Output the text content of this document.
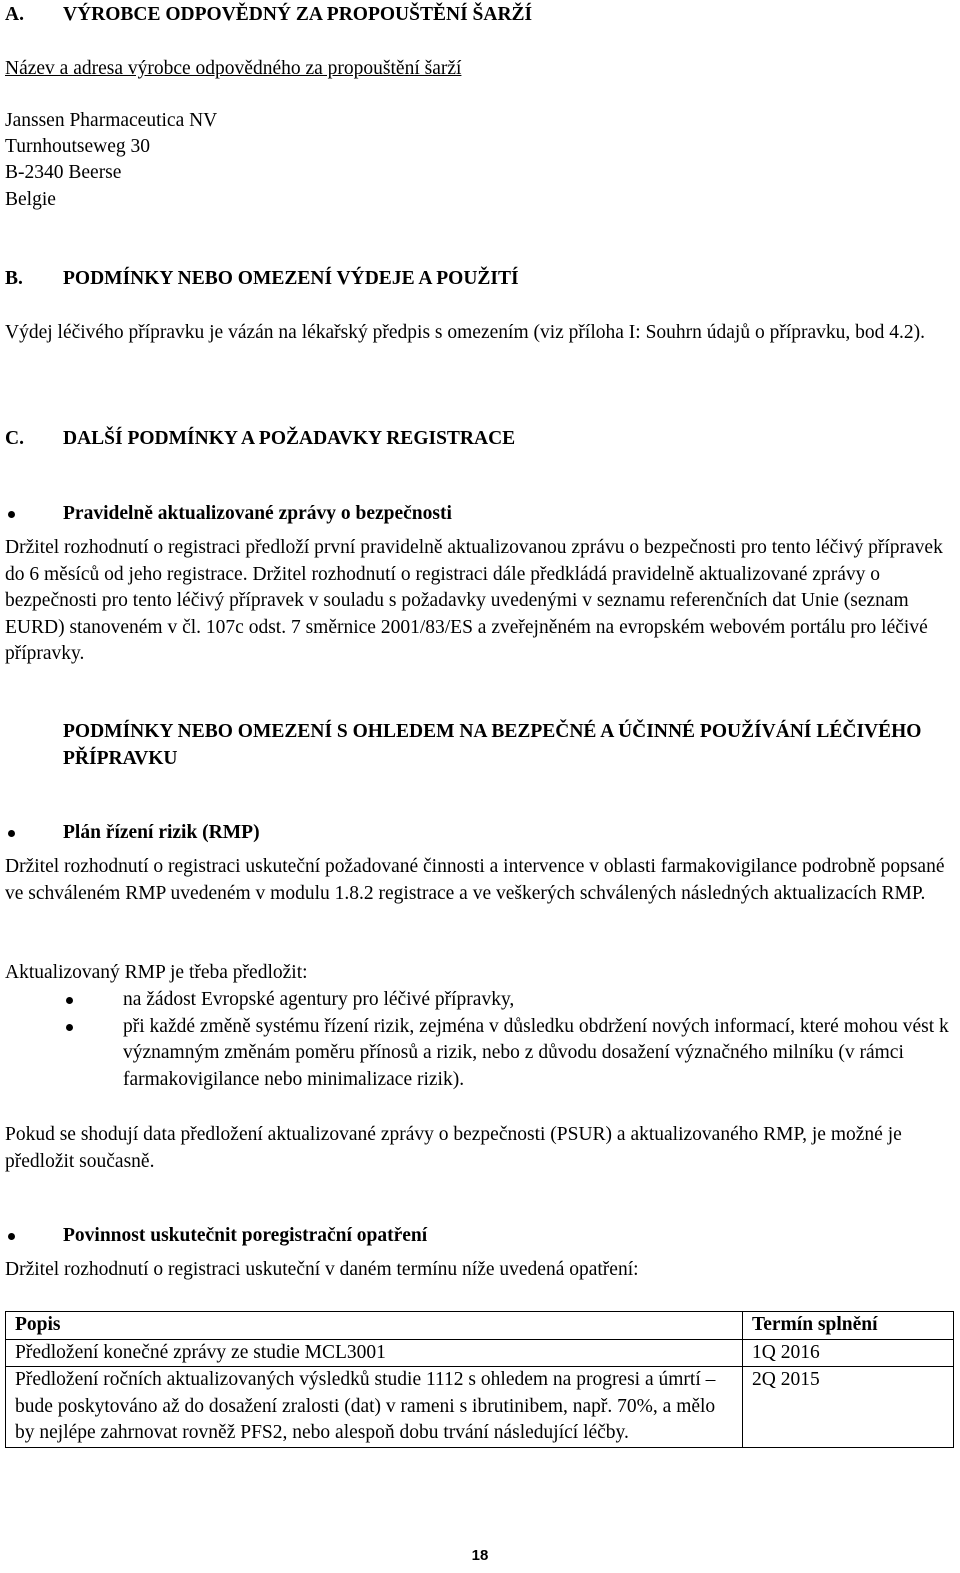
A. VÝROBCE ODPOVĚDNÝ ZA PROPOUŠTĚNÍ ŠARŽÍ

Název a adresa výrobce odpovědného za propouštění šarží

Janssen Pharmaceutica NV

Turnhoutseweg 30

B-2340 Beerse

Belgie

B. PODMÍNKY NEBO OMEZENÍ VÝDEJE A POUŽITÍ

Výdej léčivého přípravku je vázán na lékařský předpis s omezením (viz příloha I: Souhrn údajů o přípravku, bod 4.2).

C. DALŠÍ PODMÍNKY A POŽADAVKY REGISTRACE

Pravidelně aktualizované zprávy o bezpečnosti

Držitel rozhodnutí o registraci předloží první pravidelně aktualizovanou zprávu o bezpečnosti pro tento léčivý přípravek do 6 měsíců od jeho registrace. Držitel rozhodnutí o registraci dále předkládá pravidelně aktualizované zprávy o bezpečnosti pro tento léčivý přípravek v souladu s požadavky uvedenými v seznamu referenčních dat Unie (seznam EURD) stanoveném v čl. 107c odst. 7 směrnice 2001/83/ES a zveřejněném na evropském webovém portálu pro léčivé přípravky.

PODMÍNKY NEBO OMEZENÍ S OHLEDEM NA BEZPEČNÉ A ÚČINNÉ POUŽÍVÁNÍ LÉČIVÉHO PŘÍPRAVKU

Plán řízení rizik (RMP)

Držitel rozhodnutí o registraci uskuteční požadované činnosti a intervence v oblasti farmakovigilance podrobně popsané ve schváleném RMP uvedeném v modulu 1.8.2 registrace a ve veškerých schválených následných aktualizacích RMP.

Aktualizovaný RMP je třeba předložit:

na žádost Evropské agentury pro léčivé přípravky,
při každé změně systému řízení rizik, zejména v důsledku obdržení nových informací, které mohou vést k významným změnám poměru přínosů a rizik, nebo z důvodu dosažení význačného milníku (v rámci farmakovigilance nebo minimalizace rizik).

Pokud se shodují data předložení aktualizované zprávy o bezpečnosti (PSUR) a aktualizovaného RMP, je možné je předložit současně.

Povinnost uskutečnit poregistrační opatření

Držitel rozhodnutí o registraci uskuteční v daném termínu níže uvedená opatření:

Popis	Termín splnění
Předložení konečné zprávy ze studie MCL3001	1Q 2016
Předložení ročních aktualizovaných výsledků studie 1112 s ohledem na progresi a úmrtí – bude poskytováno až do dosažení zralosti (dat) v rameni s ibrutinibem, např. 70%, a mělo by nejlépe zahrnovat rovněž PFS2, nebo alespoň dobu trvání následující léčby.	2Q 2015
18
